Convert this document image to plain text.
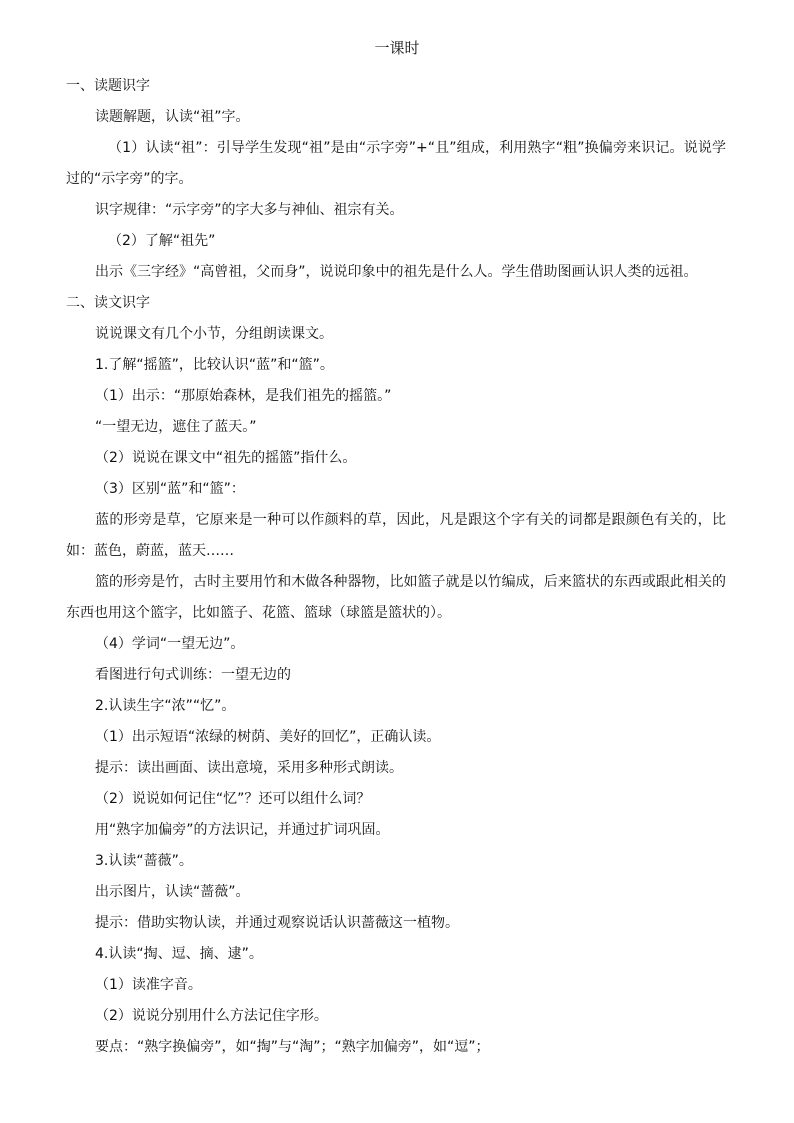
一课时

一、读题识字

读题解题，认读“祖”字。

（1）认读“祖”：引导学生发现“祖”是由“示字旁”+“且”组成，利用熟字“粗”换偏旁来识记。说说学过的“示字旁”的字。

识字规律：“示字旁”的字大多与神仙、祖宗有关。

（2）了解“祖先”

出示《三字经》“高曾祖，父而身”，说说印象中的祖先是什么人。学生借助图画认识人类的远祖。

二、读文识字

说说课文有几个小节，分组朗读课文。

1.了解“摇篮”，比较认识“蓝”和“篮”。

（1）出示：“那原始森林，是我们祖先的摇篮。”

“一望无边，遮住了蓝天。”

（2）说说在课文中“祖先的摇篮”指什么。

（3）区别“蓝”和“篮”：

蓝的形旁是草，它原来是一种可以作颜料的草，因此，凡是跟这个字有关的词都是跟颜色有关的，比如：蓝色，蔚蓝，蓝天……

篮的形旁是竹，古时主要用竹和木做各种器物，比如篮子就是以竹编成，后来篮状的东西或跟此相关的东西也用这个篮字，比如篮子、花篮、篮球（球篮是篮状的）。

（4）学词“一望无边”。

看图进行句式训练：一望无边的

2.认读生字“浓”“忆”。

（1）出示短语“浓绿的树荫、美好的回忆”，正确认读。

提示：读出画面、读出意境，采用多种形式朗读。

（2）说说如何记住“忆”？还可以组什么词？

用“熟字加偏旁”的方法识记，并通过扩词巩固。

3.认读“蔷薇”。

出示图片，认读“蔷薇”。

提示：借助实物认读，并通过观察说话认识蔷薇这一植物。

4.认读“掏、逗、摘、逮”。

（1）读准字音。

（2）说说分别用什么方法记住字形。

要点：“熟字换偏旁”，如“掏”与“淘”；“熟字加偏旁”，如“逗”；
